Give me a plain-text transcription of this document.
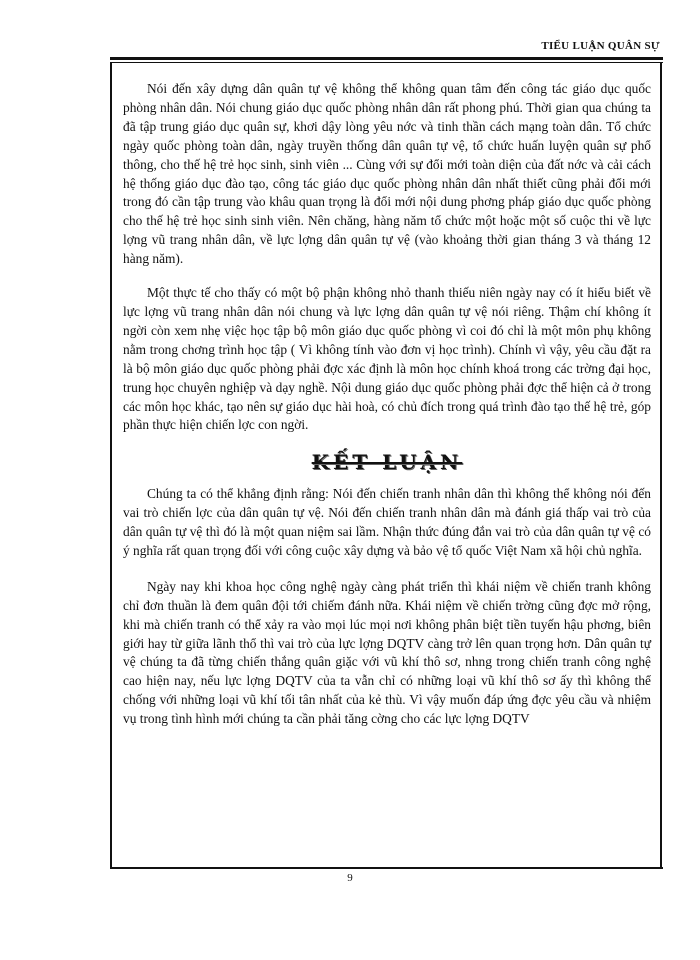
TIỂU LUẬN QUÂN SỰ

Nói đến xây dựng dân quân tự vệ không thể không quan tâm đến công tác giáo dục quốc phòng nhân dân. Nói chung giáo dục quốc phòng nhân dân rất phong phú. Thời gian qua chúng ta đã tập trung giáo dục quân sự, khơi dậy lòng yêu nớc và tinh thần cách mạng toàn dân. Tổ chức ngày quốc phòng toàn dân, ngày truyền thống dân quân tự vệ, tổ chức huấn luyện quân sự phổ thông, cho thế hệ trẻ học sinh, sinh viên ... Cùng với sự đổi mới toàn diện của đất nớc và cải cách hệ thống giáo dục đào tạo, công tác giáo dục quốc phòng nhân dân nhất thiết cũng phải đổi mới trong đó cần tập trung vào khâu quan trọng là đổi mới nội dung phơng pháp giáo dục quốc phòng cho thế hệ trẻ học sinh sinh viên. Nên chăng, hàng năm tổ chức một hoặc một số cuộc thi về lực lợng vũ trang nhân dân, về lực lợng dân quân tự vệ (vào khoảng thời gian tháng 3 và tháng 12 hàng năm).

Một thực tế cho thấy có một bộ phận không nhỏ thanh thiếu niên ngày nay có ít hiểu biết về lực lợng vũ trang nhân dân nói chung và lực lợng dân quân tự vệ nói riêng. Thậm chí không ít ngời còn xem nhẹ việc học tập bộ môn giáo dục quốc phòng vì coi đó chỉ là một môn phụ không nằm trong chơng trình học tập ( Vì không tính vào đơn vị học trình). Chính vì vậy, yêu cầu đặt ra là bộ môn giáo dục quốc phòng phải đợc xác định là môn học chính khoá trong các trờng đại học, trung học chuyên nghiệp và dạy nghề. Nội dung giáo dục quốc phòng phải đợc thể hiện cả ở trong các môn học khác, tạo nên sự giáo dục hài hoà, có chủ đích trong quá trình đào tạo thế hệ trẻ, góp phần thực hiện chiến lợc con ngời.

KẾT LUẬN

Chúng ta có thể khẳng định rằng: Nói đến chiến tranh nhân dân thì không thể không nói đến vai trò chiến lợc của dân quân tự vệ. Nói đến chiến tranh nhân dân mà đánh giá thấp vai trò của dân quân tự vệ thì đó là một quan niệm sai lầm. Nhận thức đúng đắn vai trò của dân quân tự vệ có ý nghĩa rất quan trọng đối với công cuộc xây dựng và bảo vệ tổ quốc Việt Nam xã hội chủ nghĩa.

Ngày nay khi khoa học công nghệ ngày càng phát triển thì khái niệm về chiến tranh không chỉ đơn thuần là đem quân đội tới chiếm đánh nữa. Khái niệm về chiến trờng cũng đợc mở rộng, khi mà chiến tranh có thể xảy ra vào mọi lúc mọi nơi không phân biệt tiền tuyến hậu phơng, biên giới hay từ giữa lãnh thổ thì vai trò của lực lợng DQTV càng trở lên quan trọng hơn. Dân quân tự vệ chúng ta đã từng chiến thắng quân giặc với vũ khí thô sơ, nhng trong chiến tranh công nghệ cao hiện nay, nếu lực lợng DQTV của ta vẫn chỉ có những loại vũ khí thô sơ ấy thì không thể chống với những loại vũ khí tối tân nhất của kẻ thù. Vì vậy muốn đáp ứng đợc yêu cầu và nhiệm vụ trong tình hình mới chúng ta cần phải tăng cờng cho các lực lợng DQTV

9
